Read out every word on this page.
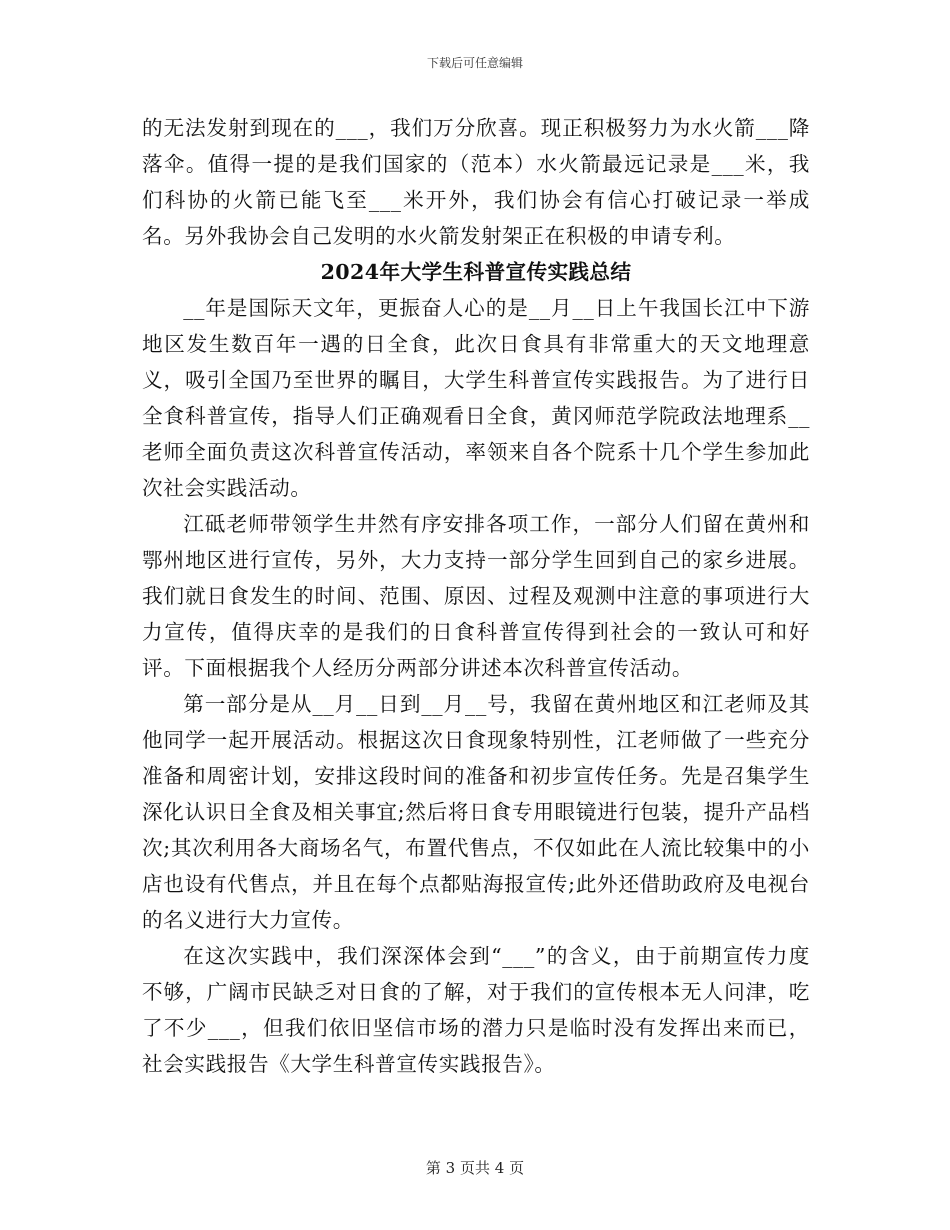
下载后可任意编辑

的无法发射到现在的___，我们万分欣喜。现正积极努力为水火箭___降落伞。值得一提的是我们国家的（范本）水火箭最远记录是___米，我们科协的火箭已能飞至___米开外，我们协会有信心打破记录一举成名。另外我协会自己发明的水火箭发射架正在积极的申请专利。

2024年大学生科普宣传实践总结

__年是国际天文年，更振奋人心的是__月__日上午我国长江中下游地区发生数百年一遇的日全食，此次日食具有非常重大的天文地理意义，吸引全国乃至世界的瞩目，大学生科普宣传实践报告。为了进行日全食科普宣传，指导人们正确观看日全食，黄冈师范学院政法地理系__老师全面负责这次科普宣传活动，率领来自各个院系十几个学生参加此次社会实践活动。

江砥老师带领学生井然有序安排各项工作，一部分人们留在黄州和鄂州地区进行宣传，另外，大力支持一部分学生回到自己的家乡进展。我们就日食发生的时间、范围、原因、过程及观测中注意的事项进行大力宣传，值得庆幸的是我们的日食科普宣传得到社会的一致认可和好评。下面根据我个人经历分两部分讲述本次科普宣传活动。

第一部分是从__月__日到__月__号，我留在黄州地区和江老师及其他同学一起开展活动。根据这次日食现象特别性，江老师做了一些充分准备和周密计划，安排这段时间的准备和初步宣传任务。先是召集学生深化认识日全食及相关事宜;然后将日食专用眼镜进行包装，提升产品档次;其次利用各大商场名气，布置代售点，不仅如此在人流比较集中的小店也设有代售点，并且在每个点都贴海报宣传;此外还借助政府及电视台的名义进行大力宣传。

在这次实践中，我们深深体会到“___”的含义，由于前期宣传力度不够，广阔市民缺乏对日食的了解，对于我们的宣传根本无人问津，吃了不少___，但我们依旧坚信市场的潜力只是临时没有发挥出来而已，社会实践报告《大学生科普宣传实践报告》。

第 3 页共 4 页
